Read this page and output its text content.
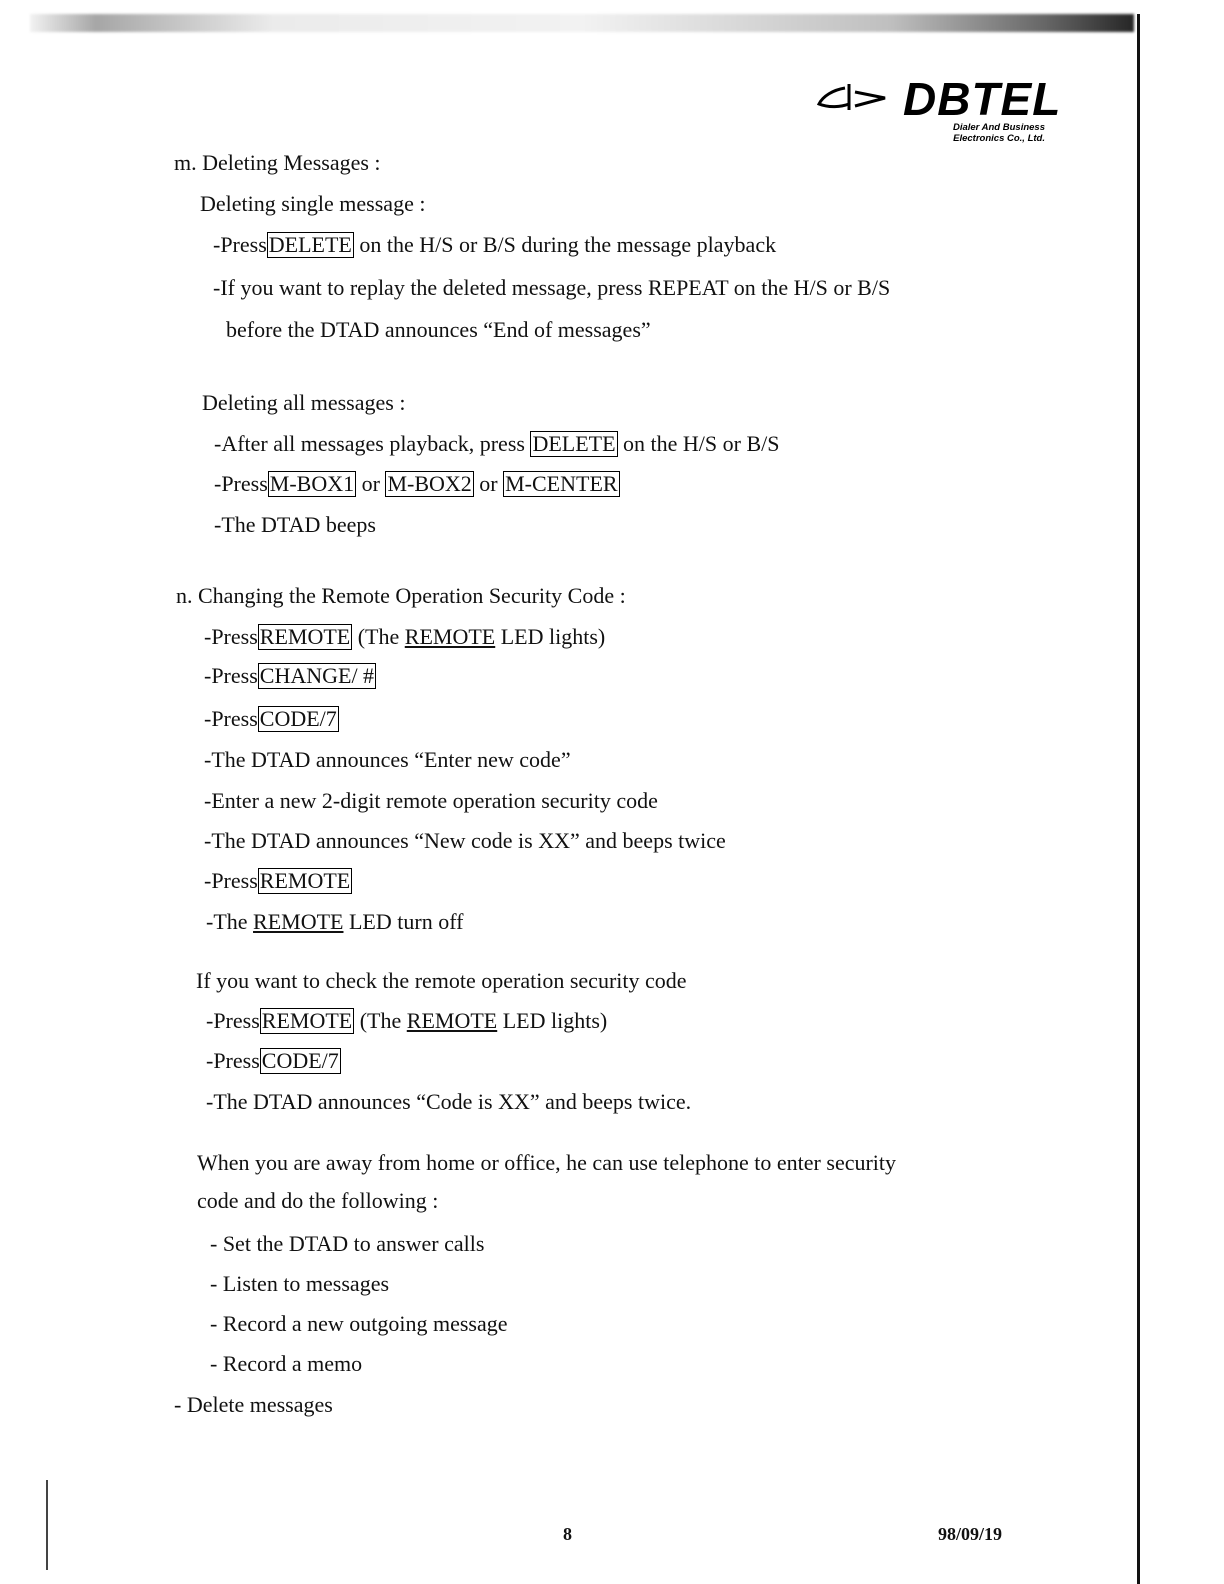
DBTEL
Dialer And Business
Electronics Co., Ltd.
m. Deleting Messages :
Deleting single message :
-PressDELETE on the H/S or B/S during the message playback
-If you want to replay the deleted message, press REPEAT on the H/S or B/S
before the DTAD announces “End of messages”
Deleting all messages :
-After all messages playback, press DELETE on the H/S or B/S
-PressM-BOX1 or M-BOX2 or M-CENTER
-The DTAD beeps
n. Changing the Remote Operation Security Code :
-PressREMOTE (The REMOTE LED lights)
-PressCHANGE/ #
-PressCODE/7
-The DTAD announces “Enter new code”
-Enter a new 2-digit remote operation security code
-The DTAD announces “New code is XX” and beeps twice
-PressREMOTE
-The REMOTE LED turn off
If you want to check the remote operation security code
-PressREMOTE (The REMOTE LED lights)
-PressCODE/7
-The DTAD announces “Code is XX” and beeps twice.
When you are away from home or office, he can use telephone to enter security
code and do the following :
- Set the DTAD to answer calls
- Listen to messages
- Record a new outgoing message
- Record a memo
- Delete messages
8	98/09/19
